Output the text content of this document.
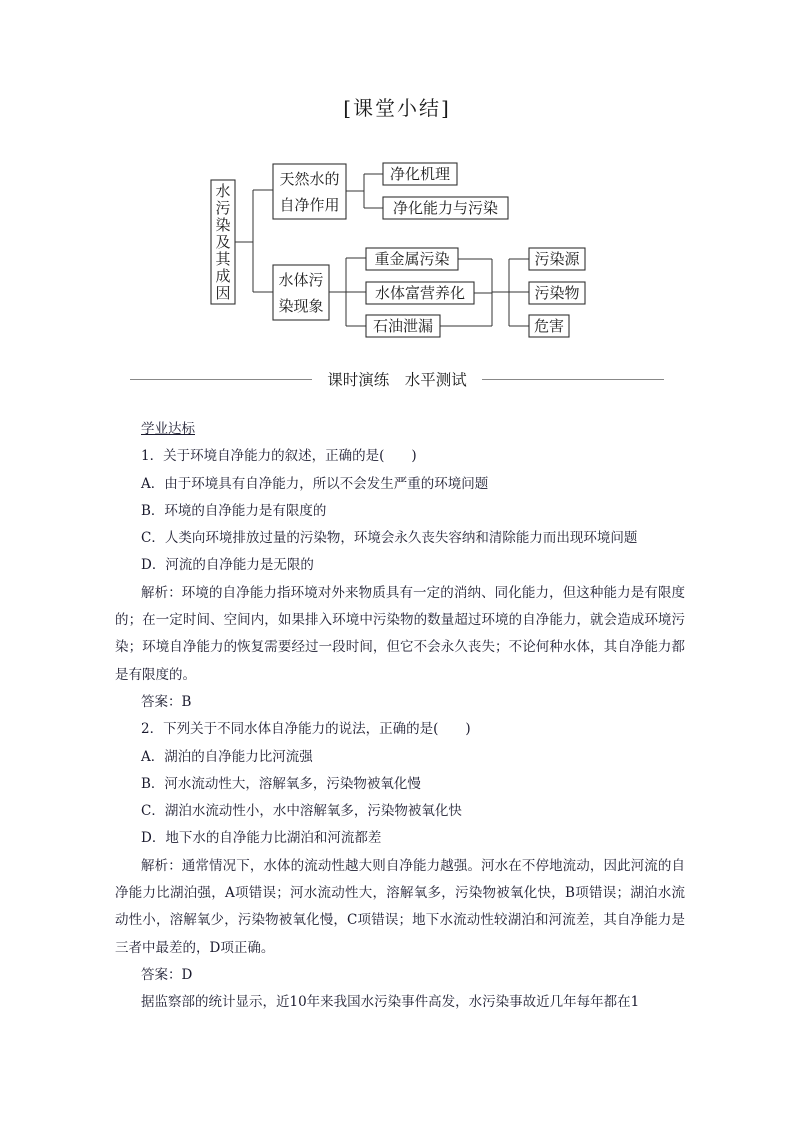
[课堂小结]
水
污
染
及
其
成
因
天然水的
自净作用
净化机理
净化能力与污染
水体污
染现象
重金属污染
水体富营养化
石油泄漏
污染源
污染物
危害
课时演练　水平测试

学业达标

1．关于环境自净能力的叙述，正确的是(　　)

A．由于环境具有自净能力，所以不会发生严重的环境问题

B．环境的自净能力是有限度的

C．人类向环境排放过量的污染物，环境会永久丧失容纳和清除能力而出现环境问题

D．河流的自净能力是无限的

解析：环境的自净能力指环境对外来物质具有一定的消纳、同化能力，但这种能力是有限度的；在一定时间、空间内，如果排入环境中污染物的数量超过环境的自净能力，就会造成环境污染；环境自净能力的恢复需要经过一段时间，但它不会永久丧失；不论何种水体，其自净能力都是有限度的。

答案：B

2．下列关于不同水体自净能力的说法，正确的是(　　)

A．湖泊的自净能力比河流强

B．河水流动性大，溶解氧多，污染物被氧化慢

C．湖泊水流动性小，水中溶解氧多，污染物被氧化快

D．地下水的自净能力比湖泊和河流都差

解析：通常情况下，水体的流动性越大则自净能力越强。河水在不停地流动，因此河流的自净能力比湖泊强，A项错误；河水流动性大，溶解氧多，污染物被氧化快，B项错误；湖泊水流动性小，溶解氧少，污染物被氧化慢，C项错误；地下水流动性较湖泊和河流差，其自净能力是三者中最差的，D项正确。

答案：D

据监察部的统计显示，近10年来我国水污染事件高发，水污染事故近几年每年都在1
